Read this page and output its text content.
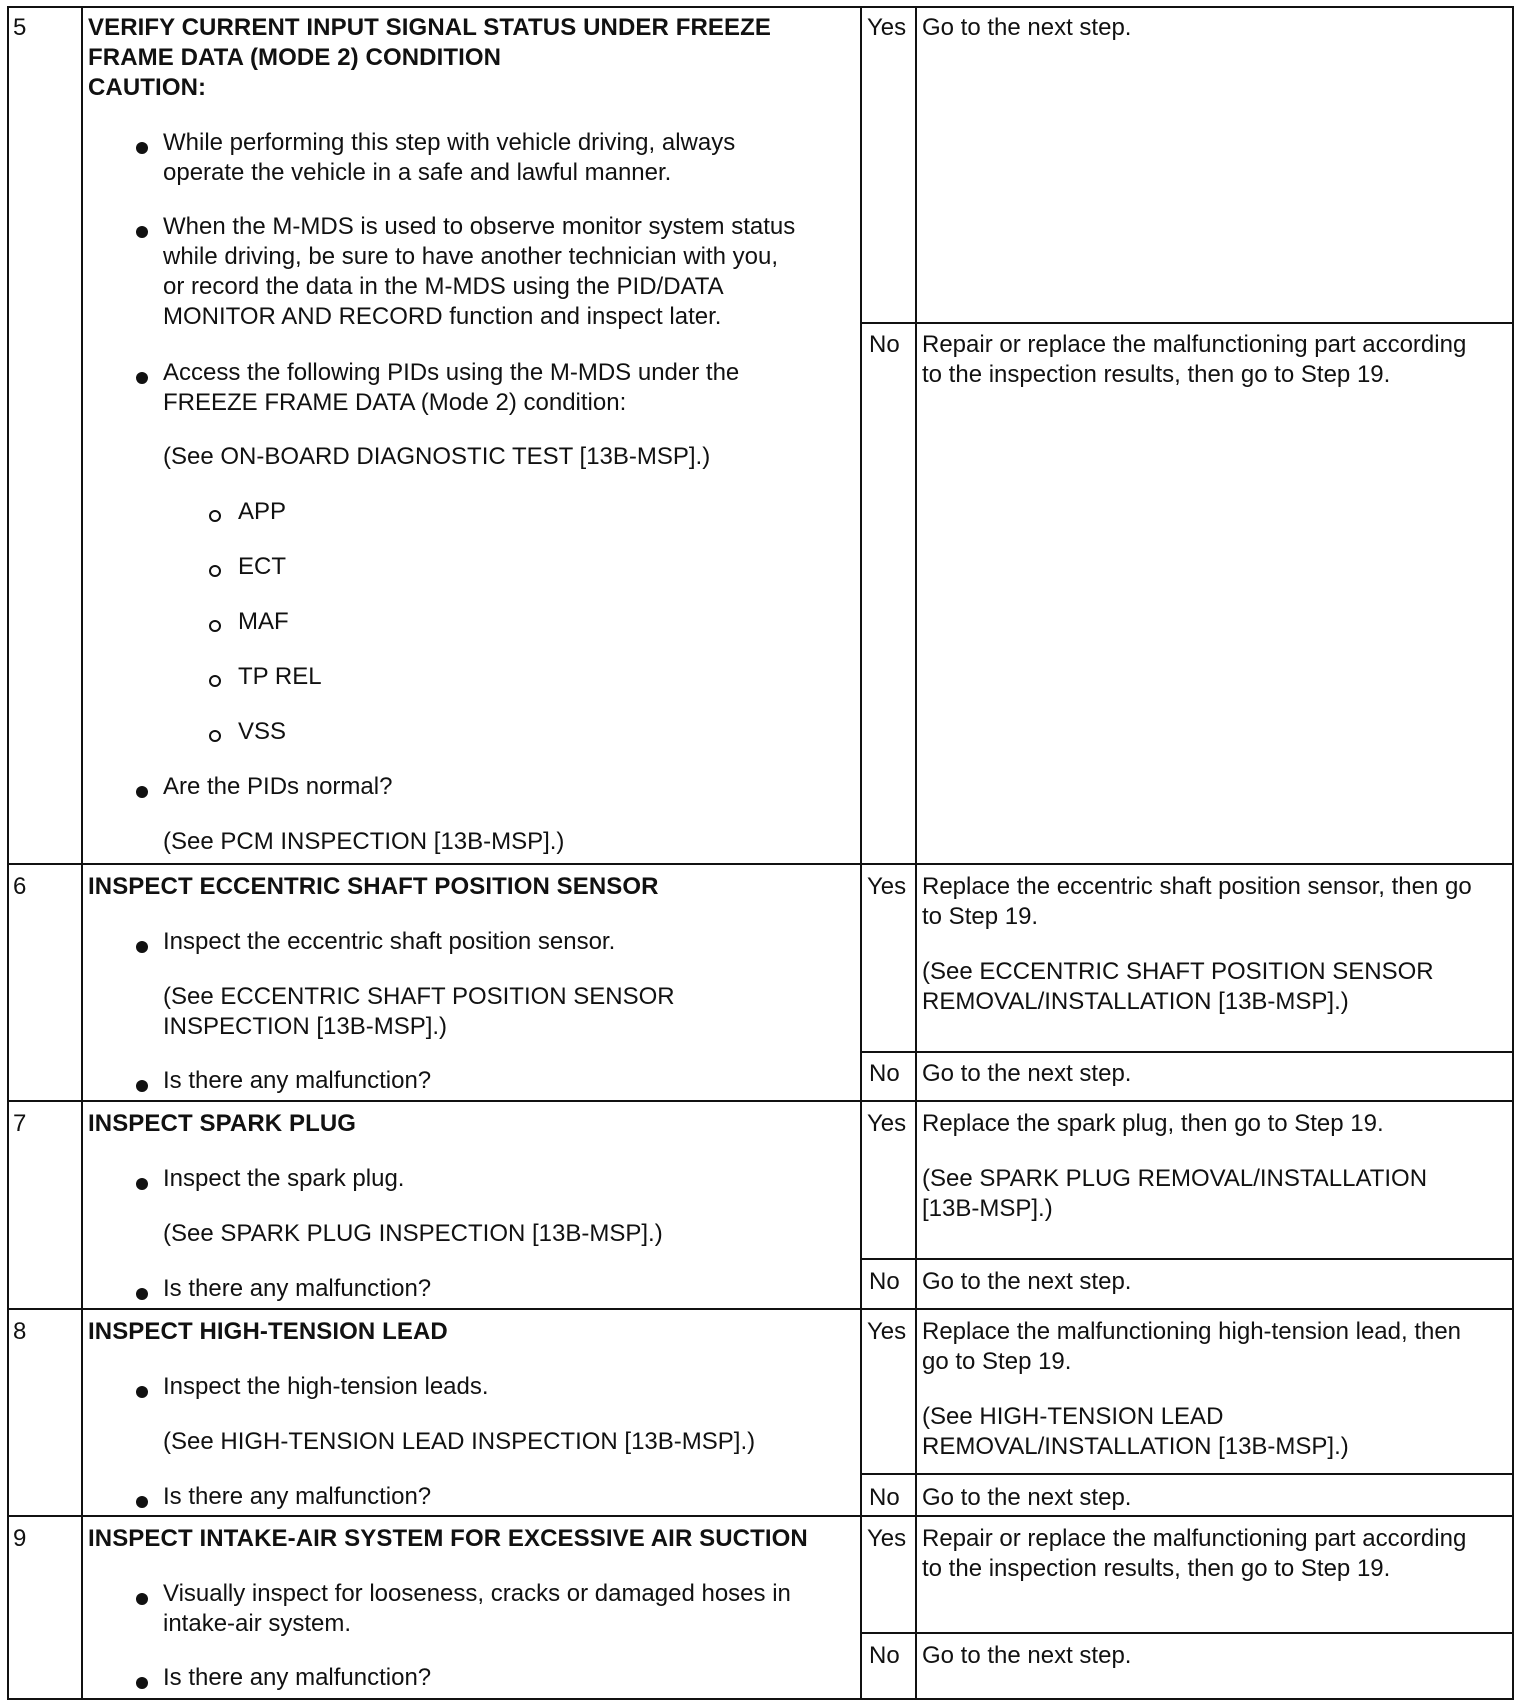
5	VERIFY CURRENT INPUT SIGNAL STATUS UNDER FREEZE
FRAME DATA (MODE 2) CONDITION
CAUTION:
While performing this step with vehicle driving, always
operate the vehicle in a safe and lawful manner.
When the M-MDS is used to observe monitor system status
while driving, be sure to have another technician with you,
or record the data in the M-MDS using the PID/DATA
MONITOR AND RECORD function and inspect later.
Access the following PIDs using the M-MDS under the
FREEZE FRAME DATA (Mode 2) condition:
(See ON-BOARD DIAGNOSTIC TEST [13B-MSP].)
APP
ECT
MAF
TP REL
VSS
Are the PIDs normal?
(See PCM INSPECTION [13B-MSP].)
Yes Go to the next step.
No Repair or replace the malfunctioning part according
to the inspection results, then go to Step 19.
6	INSPECT ECCENTRIC SHAFT POSITION SENSOR
Inspect the eccentric shaft position sensor.
(See ECCENTRIC SHAFT POSITION SENSOR
INSPECTION [13B-MSP].)
Is there any malfunction?
Yes Replace the eccentric shaft position sensor, then go
to Step 19.
(See ECCENTRIC SHAFT POSITION SENSOR
REMOVAL/INSTALLATION [13B-MSP].)
No Go to the next step.
7	INSPECT SPARK PLUG
Inspect the spark plug.
(See SPARK PLUG INSPECTION [13B-MSP].)
Is there any malfunction?
Yes Replace the spark plug, then go to Step 19.
(See SPARK PLUG REMOVAL/INSTALLATION
[13B-MSP].)
No Go to the next step.
8	INSPECT HIGH-TENSION LEAD
Inspect the high-tension leads.
(See HIGH-TENSION LEAD INSPECTION [13B-MSP].)
Is there any malfunction?
Yes Replace the malfunctioning high-tension lead, then
go to Step 19.
(See HIGH-TENSION LEAD
REMOVAL/INSTALLATION [13B-MSP].)
No Go to the next step.
9	INSPECT INTAKE-AIR SYSTEM FOR EXCESSIVE AIR SUCTION
Visually inspect for looseness, cracks or damaged hoses in
intake-air system.
Is there any malfunction?
Yes Repair or replace the malfunctioning part according
to the inspection results, then go to Step 19.
No Go to the next step.
